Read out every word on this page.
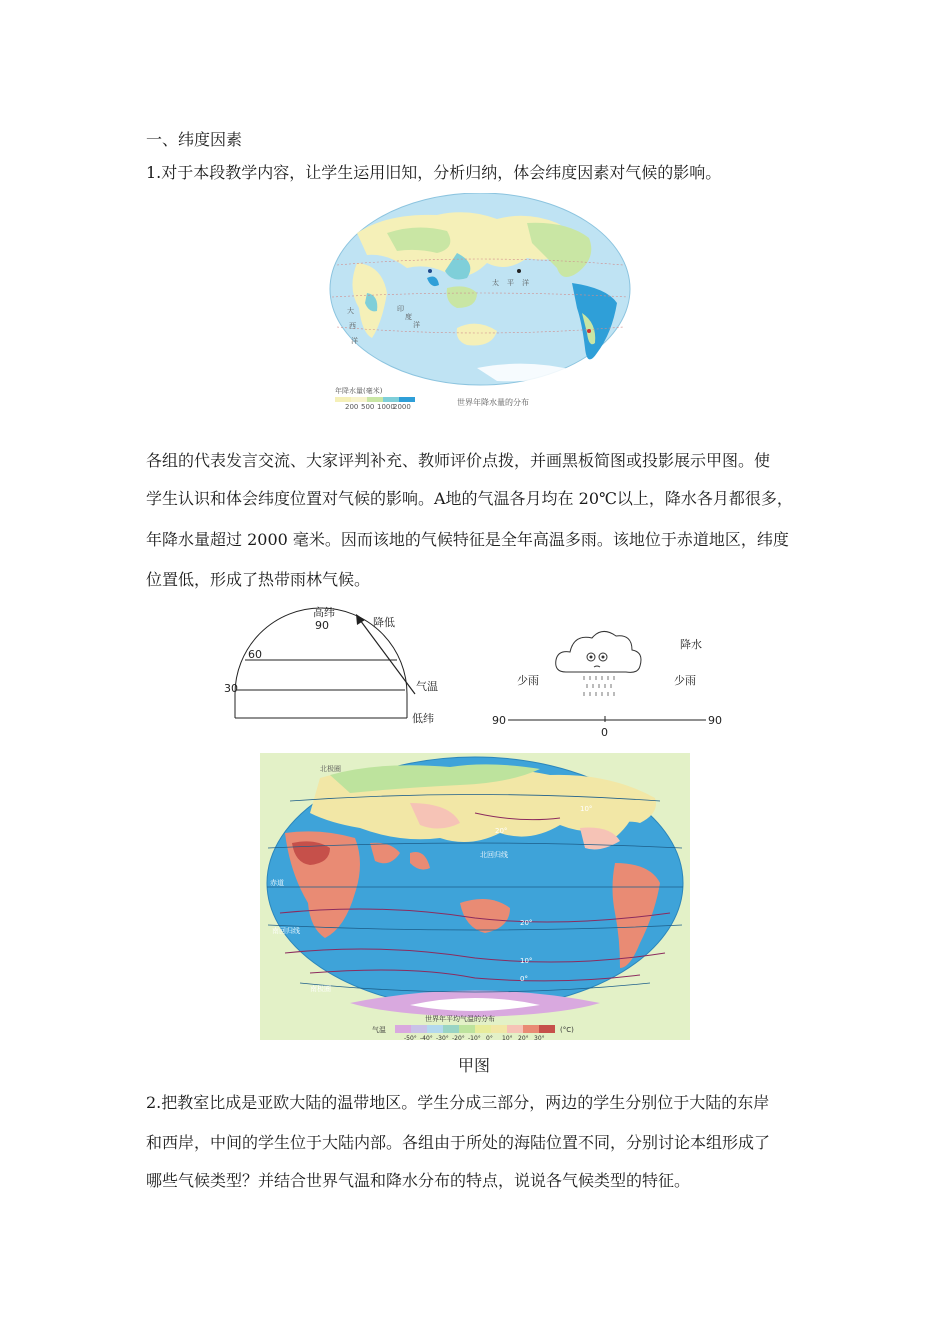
一、纬度因素
1.对于本段教学内容，让学生运用旧知，分析归纳，体会纬度因素对气候的影响。
太 平 洋
印
度
洋
大
西
洋
年降水量(毫米)
200 500 1000
2000	世界年降水量的分布
各组的代表发言交流、大家评判补充、教师评价点拨，并画黑板简图或投影展示甲图。使
学生认识和体会纬度位置对气候的影响。A地的气温各月均在 20℃以上，降水各月都很多，
年降水量超过 2000 毫米。因而该地的气候特征是全年高温多雨。该地位于赤道地区，纬度
位置低，形成了热带雨林气候。
高纬
90
60
30
降低
气温
低纬
降水
少雨	少雨
90
0
90
北极圈
北回归线
赤道
南回归线
南极圈
20°
10°
20°
10°
0°
世界年平均气温的分布
气温	(°C)
-50° -40° -30° -20° -10° 0° 10° 20° 30°
甲图
2.把教室比成是亚欧大陆的温带地区。学生分成三部分，两边的学生分别位于大陆的东岸
和西岸，中间的学生位于大陆内部。各组由于所处的海陆位置不同，分别讨论本组形成了
哪些气候类型？并结合世界气温和降水分布的特点，说说各气候类型的特征。
